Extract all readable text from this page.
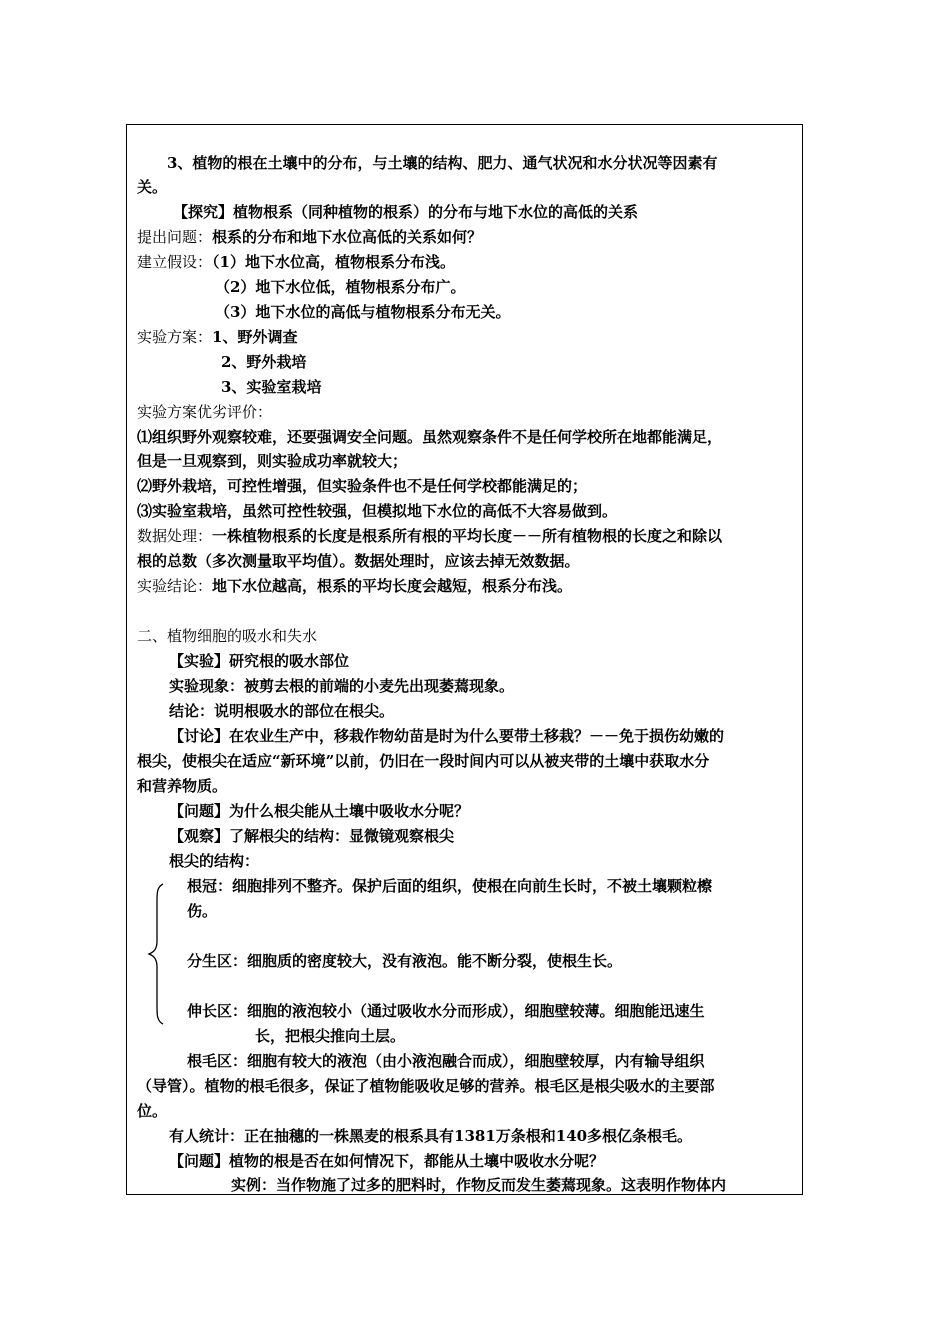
3、植物的根在土壤中的分布，与土壤的结构、肥力、通气状况和水分状况等因素有
关。
【探究】植物根系（同种植物的根系）的分布与地下水位的高低的关系
提出问题：根系的分布和地下水位高低的关系如何？
建立假设：（1）地下水位高，植物根系分布浅。
（2）地下水位低，植物根系分布广。
（3）地下水位的高低与植物根系分布无关。
实验方案：1、野外调查
2、野外栽培
3、实验室栽培
实验方案优劣评价：
⑴组织野外观察较难，还要强调安全问题。虽然观察条件不是任何学校所在地都能满足，
但是一旦观察到，则实验成功率就较大；
⑵野外栽培，可控性增强，但实验条件也不是任何学校都能满足的；
⑶实验室栽培，虽然可控性较强，但模拟地下水位的高低不大容易做到。
数据处理：一株植物根系的长度是根系所有根的平均长度－－所有植物根的长度之和除以
根的总数（多次测量取平均值）。数据处理时，应该去掉无效数据。
实验结论：地下水位越高，根系的平均长度会越短，根系分布浅。
二、植物细胞的吸水和失水
【实验】研究根的吸水部位
实验现象：被剪去根的前端的小麦先出现萎蔫现象。
结论：说明根吸水的部位在根尖。
【讨论】在农业生产中，移栽作物幼苗是时为什么要带土移栽？－－免于损伤幼嫩的
根尖，使根尖在适应“新环境”以前，仍旧在一段时间内可以从被夹带的土壤中获取水分
和营养物质。
【问题】为什么根尖能从土壤中吸收水分呢？
【观察】了解根尖的结构：显微镜观察根尖
根尖的结构：
根冠：细胞排列不整齐。保护后面的组织，使根在向前生长时，不被土壤颗粒檫
伤。
分生区：细胞质的密度较大，没有液泡。能不断分裂，使根生长。
伸长区：细胞的液泡较小（通过吸收水分而形成），细胞壁较薄。细胞能迅速生
长，把根尖推向土层。
根毛区：细胞有较大的液泡（由小液泡融合而成），细胞壁较厚，内有输导组织
（导管）。植物的根毛很多，保证了植物能吸收足够的营养。根毛区是根尖吸水的主要部
位。
有人统计：正在抽穗的一株黑麦的根系具有1381万条根和140多根亿条根毛。
【问题】植物的根是否在如何情况下，都能从土壤中吸收水分呢？
实例：当作物施了过多的肥料时，作物反而发生萎蔫现象。这表明作物体内
